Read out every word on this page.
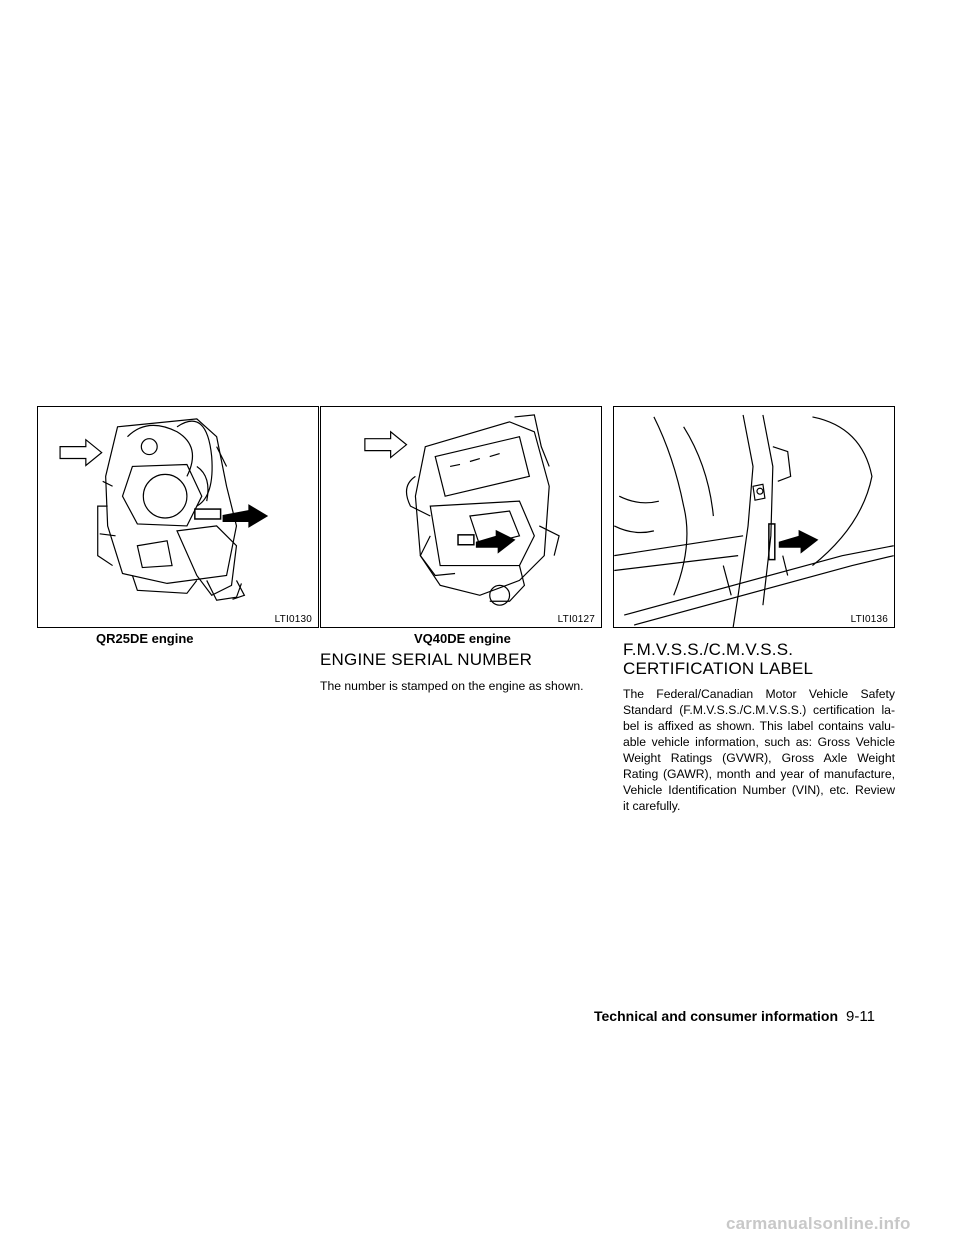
LTI0130
QR25DE engine
LTI0127
VQ40DE engine
LTI0136
ENGINE SERIAL NUMBER
The number is stamped on the engine as shown.
F.M.V.S.S./C.M.V.S.S.
CERTIFICATION LABEL
The Federal/Canadian Motor Vehicle Safety
Standard (F.M.V.S.S./C.M.V.S.S.) certification la-
bel is affixed as shown. This label contains valu-
able vehicle information, such as: Gross Vehicle
Weight Ratings (GVWR), Gross Axle Weight
Rating (GAWR), month and year of manufacture,
Vehicle Identification Number (VIN), etc. Review
it carefully.
Technical and consumer information 9-11
carmanualsonline.info
